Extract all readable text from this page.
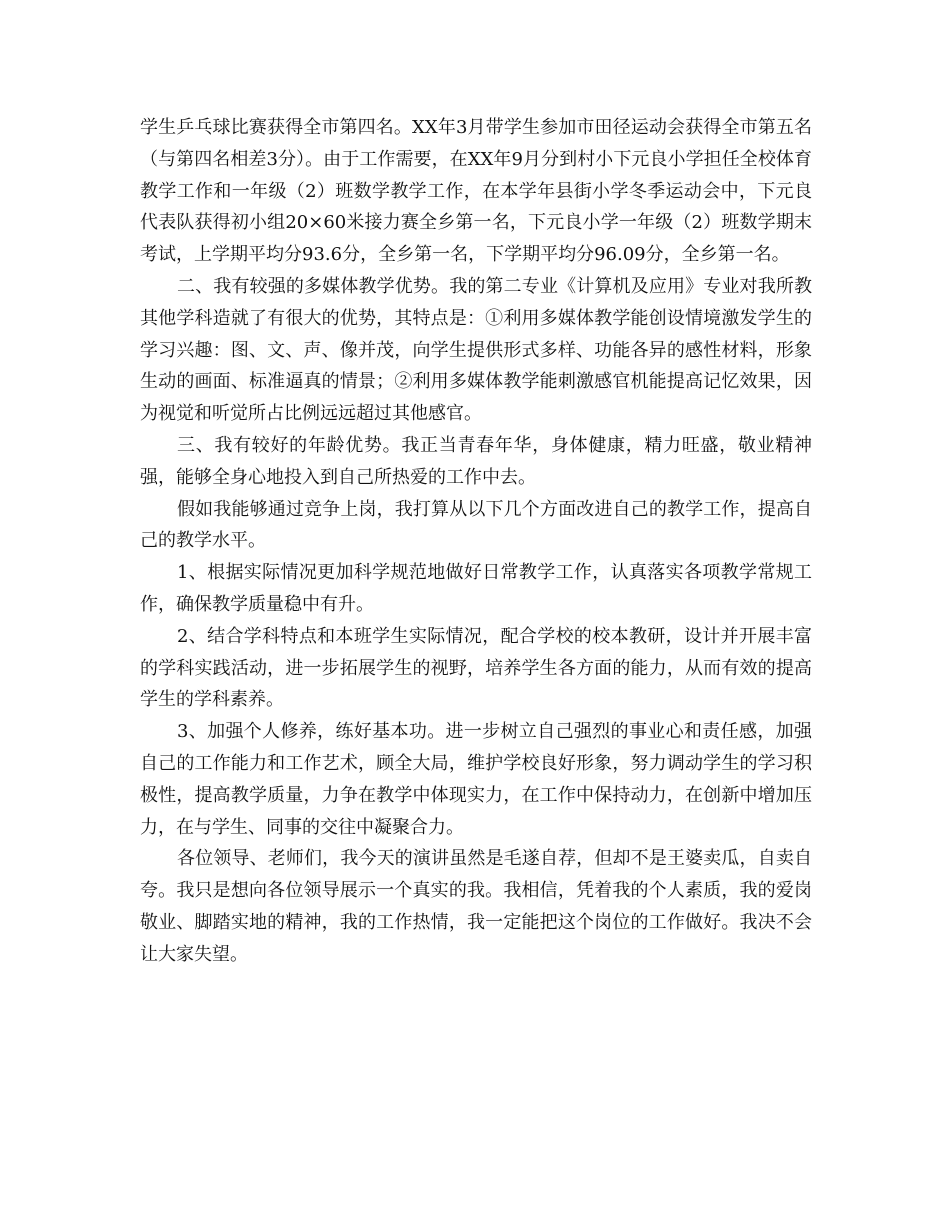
学生乒乓球比赛获得全市第四名。XX年3月带学生参加市田径运动会获得全市第五名（与第四名相差3分）。由于工作需要，在XX年9月分到村小下元良小学担任全校体育教学工作和一年级（2）班数学教学工作，在本学年县街小学冬季运动会中，下元良代表队获得初小组20×60米接力赛全乡第一名，下元良小学一年级（2）班数学期末考试，上学期平均分93.6分，全乡第一名，下学期平均分96.09分，全乡第一名。

二、我有较强的多媒体教学优势。我的第二专业《计算机及应用》专业对我所教其他学科造就了有很大的优势，其特点是：①利用多媒体教学能创设情境激发学生的学习兴趣：图、文、声、像并茂，向学生提供形式多样、功能各异的感性材料，形象生动的画面、标准逼真的情景；②利用多媒体教学能刺激感官机能提高记忆效果，因为视觉和听觉所占比例远远超过其他感官。

三、我有较好的年龄优势。我正当青春年华，身体健康，精力旺盛，敬业精神强，能够全身心地投入到自己所热爱的工作中去。

假如我能够通过竞争上岗，我打算从以下几个方面改进自己的教学工作，提高自己的教学水平。

1、根据实际情况更加科学规范地做好日常教学工作，认真落实各项教学常规工作，确保教学质量稳中有升。

2、结合学科特点和本班学生实际情况，配合学校的校本教研，设计并开展丰富的学科实践活动，进一步拓展学生的视野，培养学生各方面的能力，从而有效的提高学生的学科素养。

3、加强个人修养，练好基本功。进一步树立自己强烈的事业心和责任感，加强自己的工作能力和工作艺术，顾全大局，维护学校良好形象，努力调动学生的学习积极性，提高教学质量，力争在教学中体现实力，在工作中保持动力，在创新中增加压力，在与学生、同事的交往中凝聚合力。

各位领导、老师们，我今天的演讲虽然是毛遂自荐，但却不是王婆卖瓜，自卖自夸。我只是想向各位领导展示一个真实的我。我相信，凭着我的个人素质，我的爱岗敬业、脚踏实地的精神，我的工作热情，我一定能把这个岗位的工作做好。我决不会让大家失望。
